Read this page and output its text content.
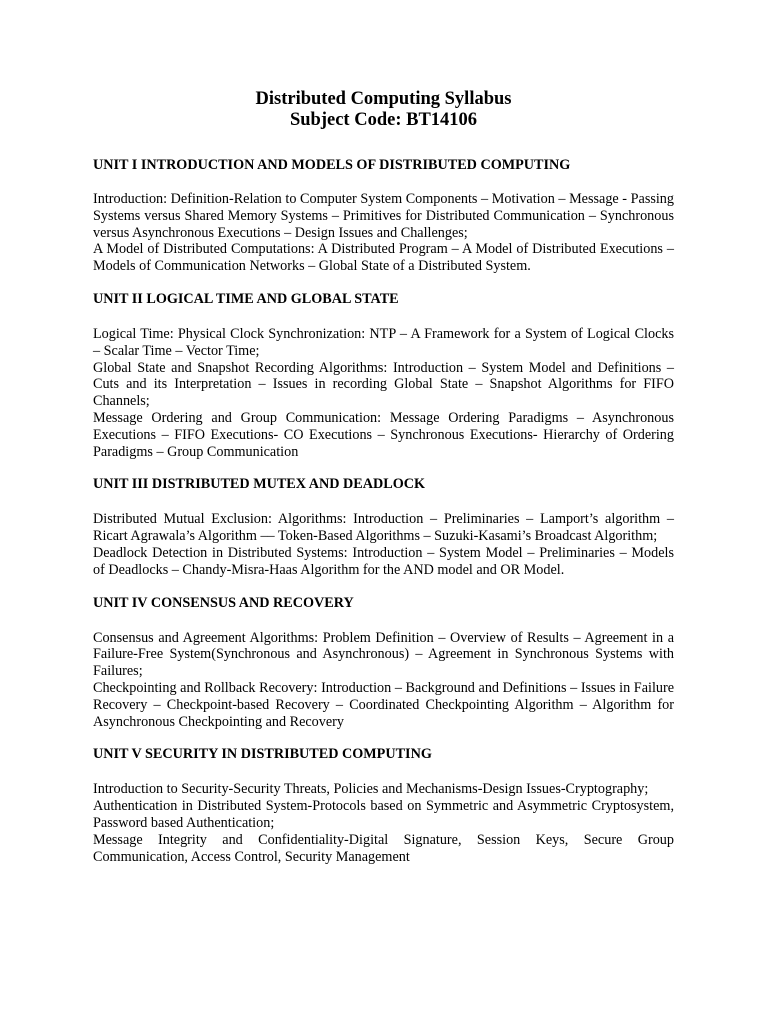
Distributed Computing Syllabus

Subject Code: BT14106

UNIT I INTRODUCTION AND MODELS OF DISTRIBUTED COMPUTING

Introduction: Definition-Relation to Computer System Components – Motivation – Message - Passing Systems versus Shared Memory Systems – Primitives for Distributed Communication – Synchronous versus Asynchronous Executions – Design Issues and Challenges;

A Model of Distributed Computations: A Distributed Program – A Model of Distributed Executions – Models of Communication Networks – Global State of a Distributed System.

UNIT II LOGICAL TIME AND GLOBAL STATE

Logical Time: Physical Clock Synchronization: NTP – A Framework for a System of Logical Clocks – Scalar Time – Vector Time;

Global State and Snapshot Recording Algorithms: Introduction – System Model and Definitions – Cuts and its Interpretation – Issues in recording Global State – Snapshot Algorithms for FIFO Channels;

Message Ordering and Group Communication: Message Ordering Paradigms – Asynchronous Executions – FIFO Executions- CO Executions – Synchronous Executions- Hierarchy of Ordering Paradigms – Group Communication

UNIT III DISTRIBUTED MUTEX AND DEADLOCK

Distributed Mutual Exclusion: Algorithms: Introduction – Preliminaries – Lamport’s algorithm – Ricart Agrawala’s Algorithm –– Token-Based Algorithms – Suzuki-Kasami’s Broadcast Algorithm;

Deadlock Detection in Distributed Systems: Introduction – System Model – Preliminaries – Models of Deadlocks – Chandy-Misra-Haas Algorithm for the AND model and OR Model.

UNIT IV CONSENSUS AND RECOVERY

Consensus and Agreement Algorithms: Problem Definition – Overview of Results – Agreement in a Failure-Free System(Synchronous and Asynchronous) – Agreement in Synchronous Systems with Failures;

Checkpointing and Rollback Recovery: Introduction – Background and Definitions – Issues in Failure Recovery – Checkpoint-based Recovery – Coordinated Checkpointing Algorithm – Algorithm for Asynchronous Checkpointing and Recovery

UNIT V SECURITY IN DISTRIBUTED COMPUTING

Introduction to Security-Security Threats, Policies and Mechanisms-Design Issues-Cryptography;

Authentication in Distributed System-Protocols based on Symmetric and Asymmetric Cryptosystem, Password based Authentication;

Message Integrity and Confidentiality-Digital Signature, Session Keys, Secure Group Communication, Access Control, Security Management
